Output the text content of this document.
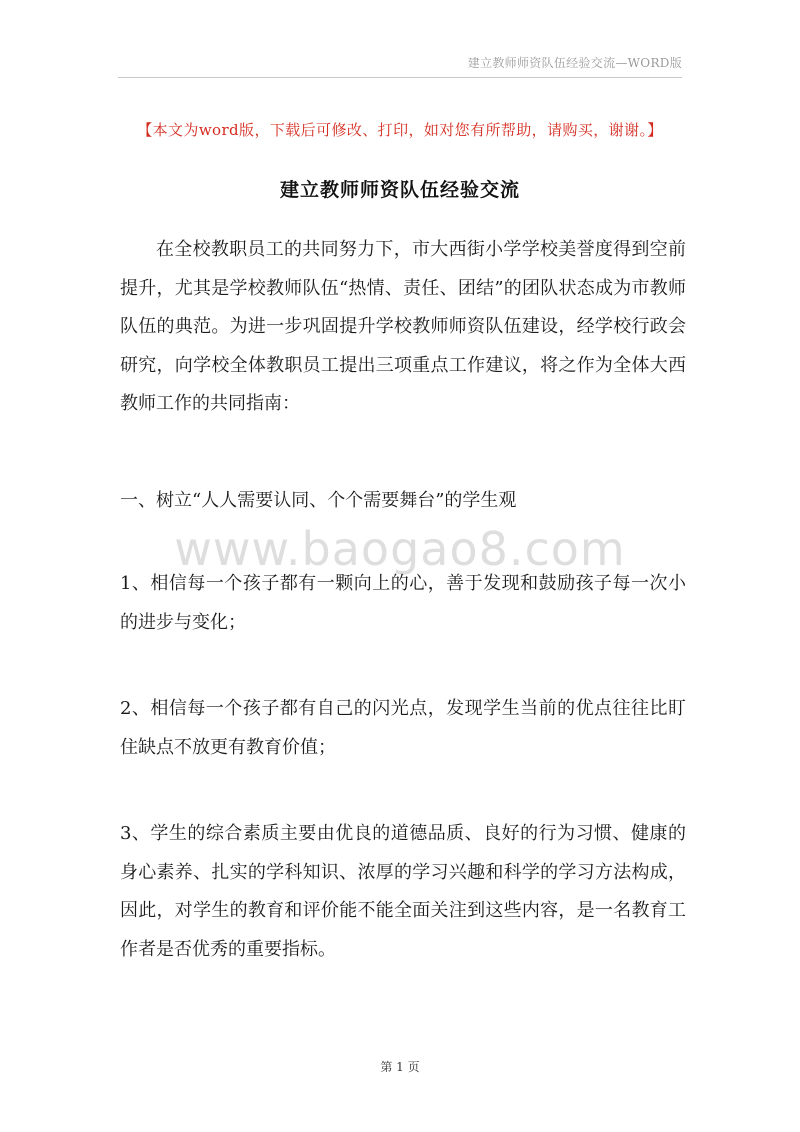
建立教师师资队伍经验交流—WORD版
【本文为word版，下载后可修改、打印，如对您有所帮助，请购买，谢谢。】
建立教师师资队伍经验交流

在全校教职员工的共同努力下，市大西街小学学校美誉度得到空前提升，尤其是学校教师队伍“热情、责任、团结”的团队状态成为市教师队伍的典范。为进一步巩固提升学校教师师资队伍建设，经学校行政会研究，向学校全体教职员工提出三项重点工作建议，将之作为全体大西教师工作的共同指南：

一、树立“人人需要认同、个个需要舞台”的学生观

www.baogao8.com

1、相信每一个孩子都有一颗向上的心，善于发现和鼓励孩子每一次小的进步与变化；

2、相信每一个孩子都有自己的闪光点，发现学生当前的优点往往比盯住缺点不放更有教育价值；

3、学生的综合素质主要由优良的道德品质、良好的行为习惯、健康的身心素养、扎实的学科知识、浓厚的学习兴趣和科学的学习方法构成，因此，对学生的教育和评价能不能全面关注到这些内容，是一名教育工作者是否优秀的重要指标。

第 1 页
